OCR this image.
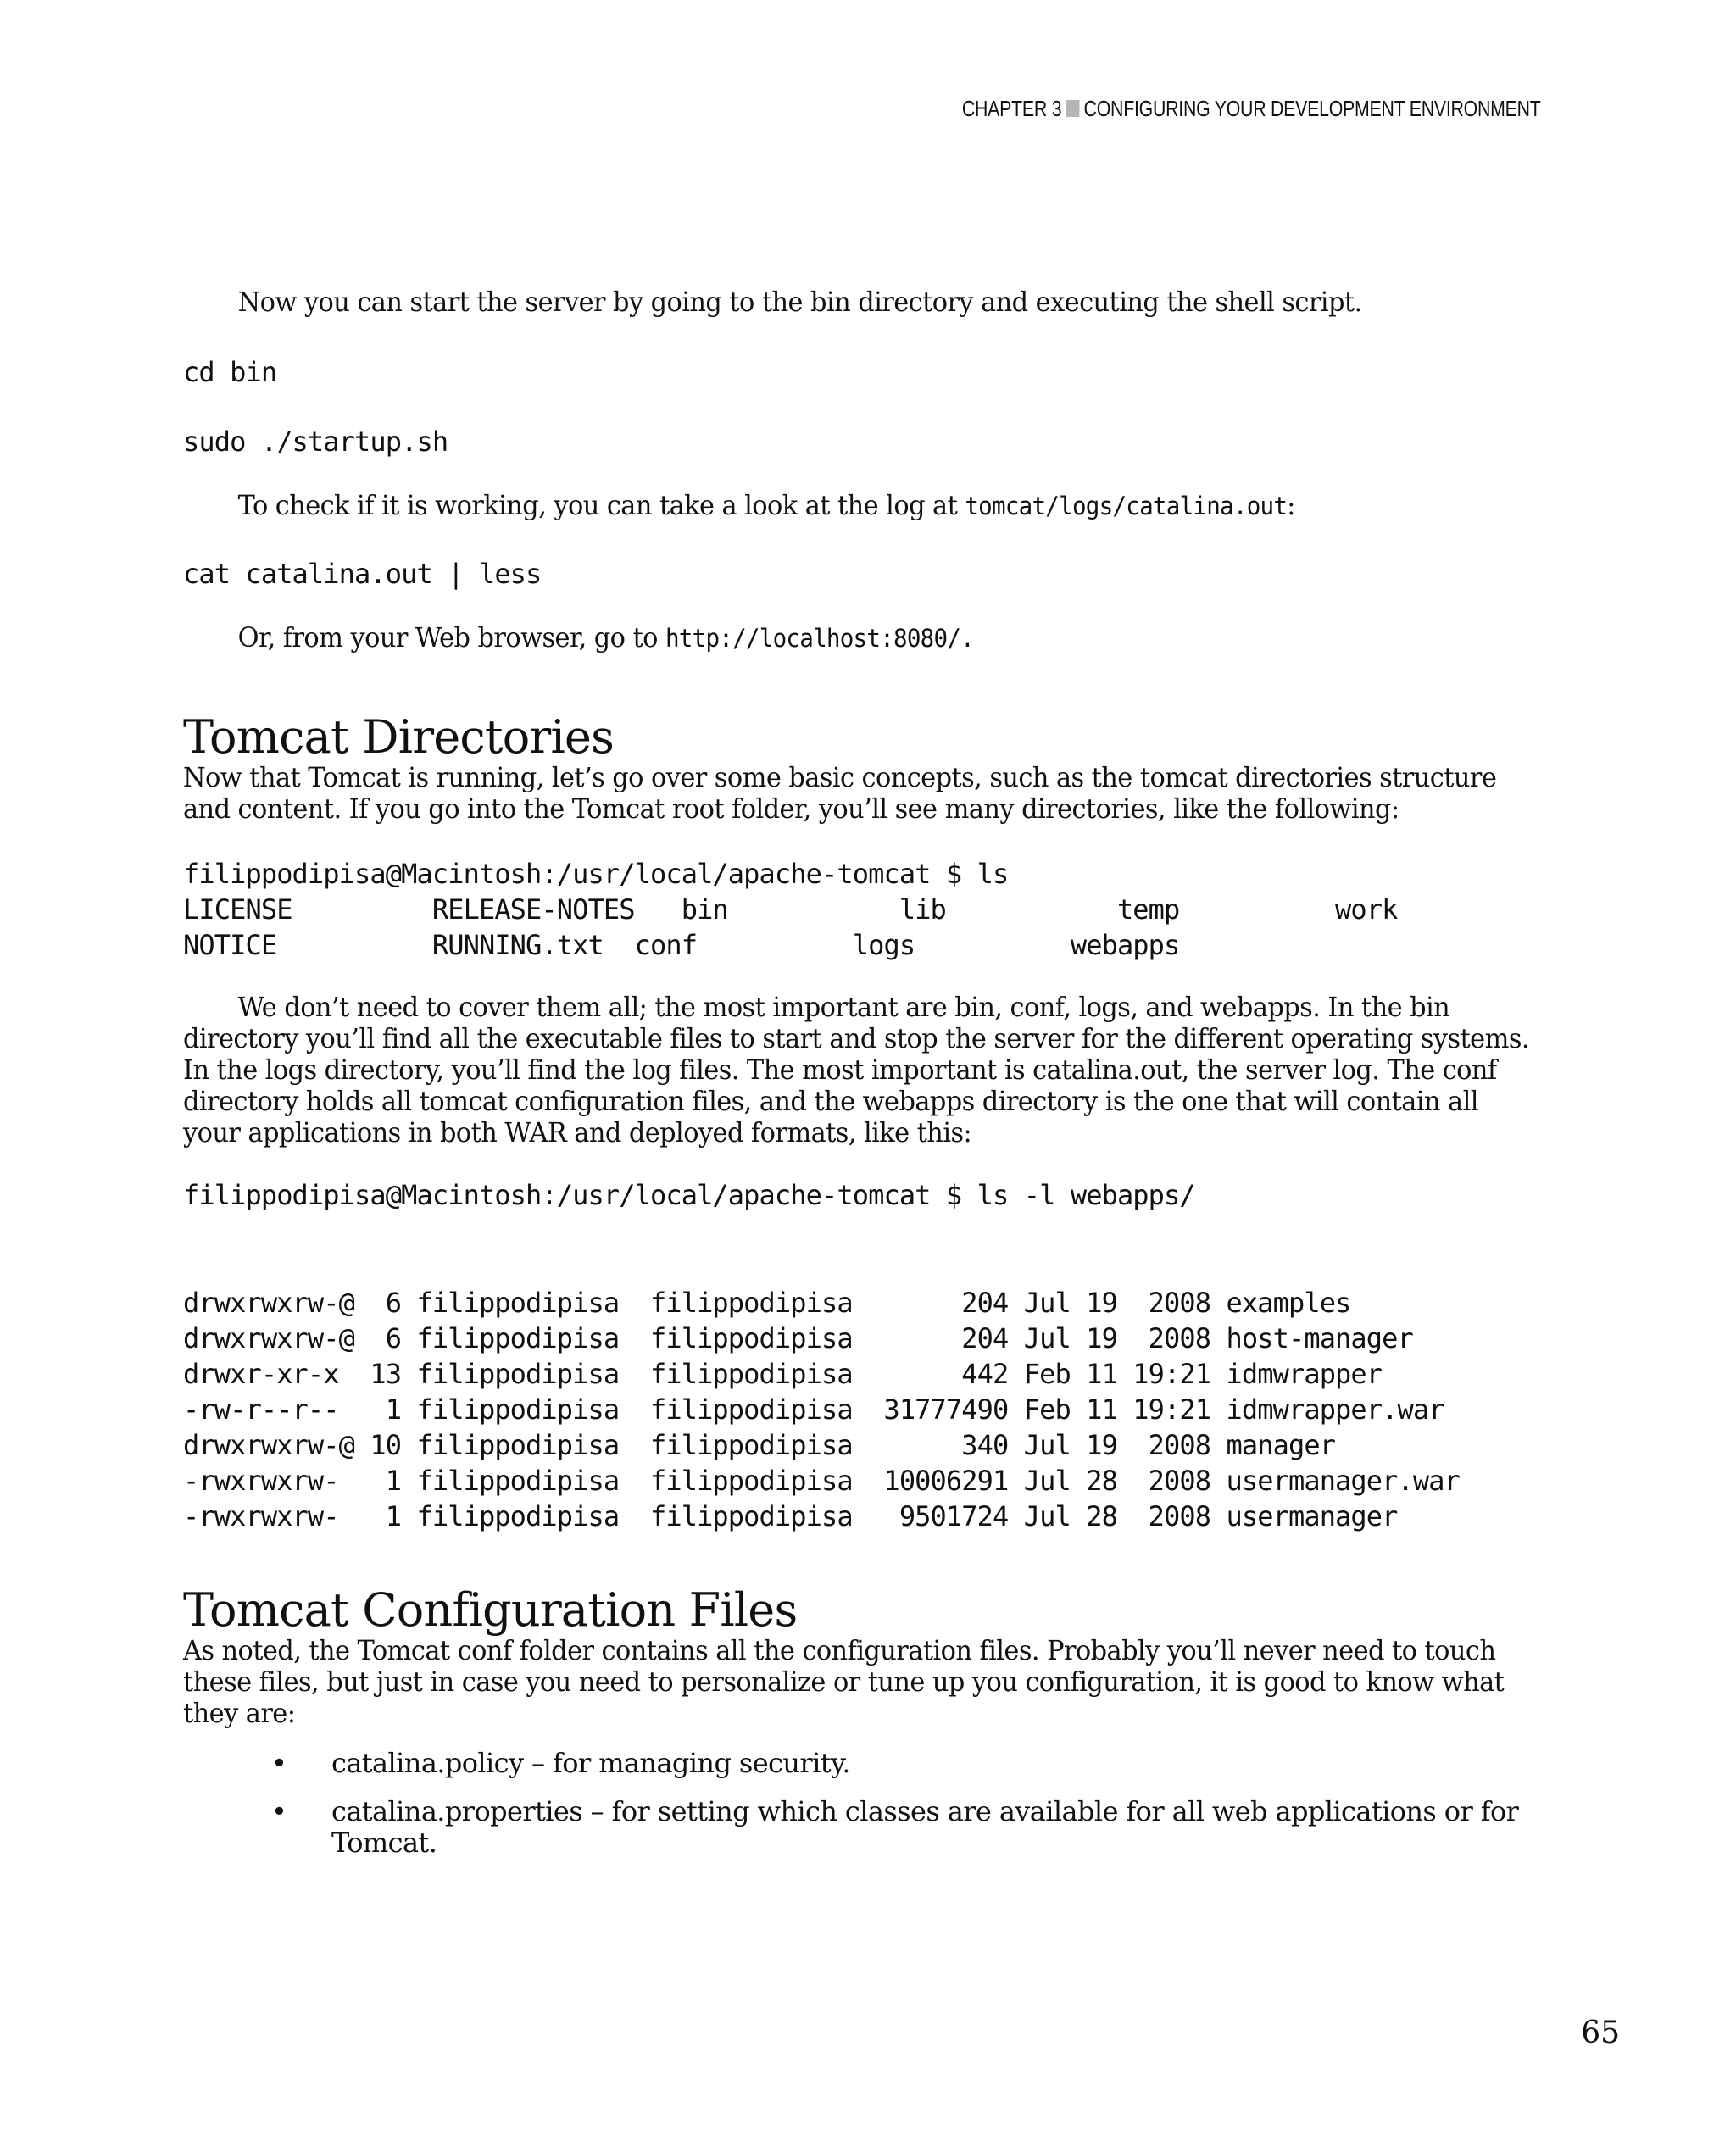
CHAPTER 3 CONFIGURING YOUR DEVELOPMENT ENVIRONMENT

Now you can start the server by going to the bin directory and executing the shell script.

cd bin
sudo ./startup.sh

To check if it is working, you can take a look at the log at tomcat/logs/catalina.out:

cat catalina.out | less

Or, from your Web browser, go to http://localhost:8080/.

Tomcat Directories

Now that Tomcat is running, let’s go over some basic concepts, such as the tomcat directories structure and content. If you go into the Tomcat root folder, you’ll see many directories, like the following:

filippodipisa@Macintosh:/usr/local/apache-tomcat $ ls
LICENSE         RELEASE-NOTES   bin           lib           temp          work
NOTICE          RUNNING.txt  conf          logs          webapps

We don’t need to cover them all; the most important are bin, conf, logs, and webapps. In the bin directory you’ll find all the executable files to start and stop the server for the different operating systems. In the logs directory, you’ll find the log files. The most important is catalina.out, the server log. The conf directory holds all tomcat configuration files, and the webapps directory is the one that will contain all your applications in both WAR and deployed formats, like this:

filippodipisa@Macintosh:/usr/local/apache-tomcat $ ls -l webapps/
drwxrwxrw-@  6 filippodipisa  filippodipisa       204 Jul 19  2008 examples
drwxrwxrw-@  6 filippodipisa  filippodipisa       204 Jul 19  2008 host-manager
drwxr-xr-x  13 filippodipisa  filippodipisa       442 Feb 11 19:21 idmwrapper
-rw-r--r--   1 filippodipisa  filippodipisa  31777490 Feb 11 19:21 idmwrapper.war
drwxrwxrw-@ 10 filippodipisa  filippodipisa       340 Jul 19  2008 manager
-rwxrwxrw-   1 filippodipisa  filippodipisa  10006291 Jul 28  2008 usermanager.war
-rwxrwxrw-   1 filippodipisa  filippodipisa   9501724 Jul 28  2008 usermanager
Tomcat Configuration Files

As noted, the Tomcat conf folder contains all the configuration files. Probably you’ll never need to touch these files, but just in case you need to personalize or tune up you configuration, it is good to know what they are:

• catalina.policy – for managing security.
• catalina.properties – for setting which classes are available for all web applications or for Tomcat.
65
